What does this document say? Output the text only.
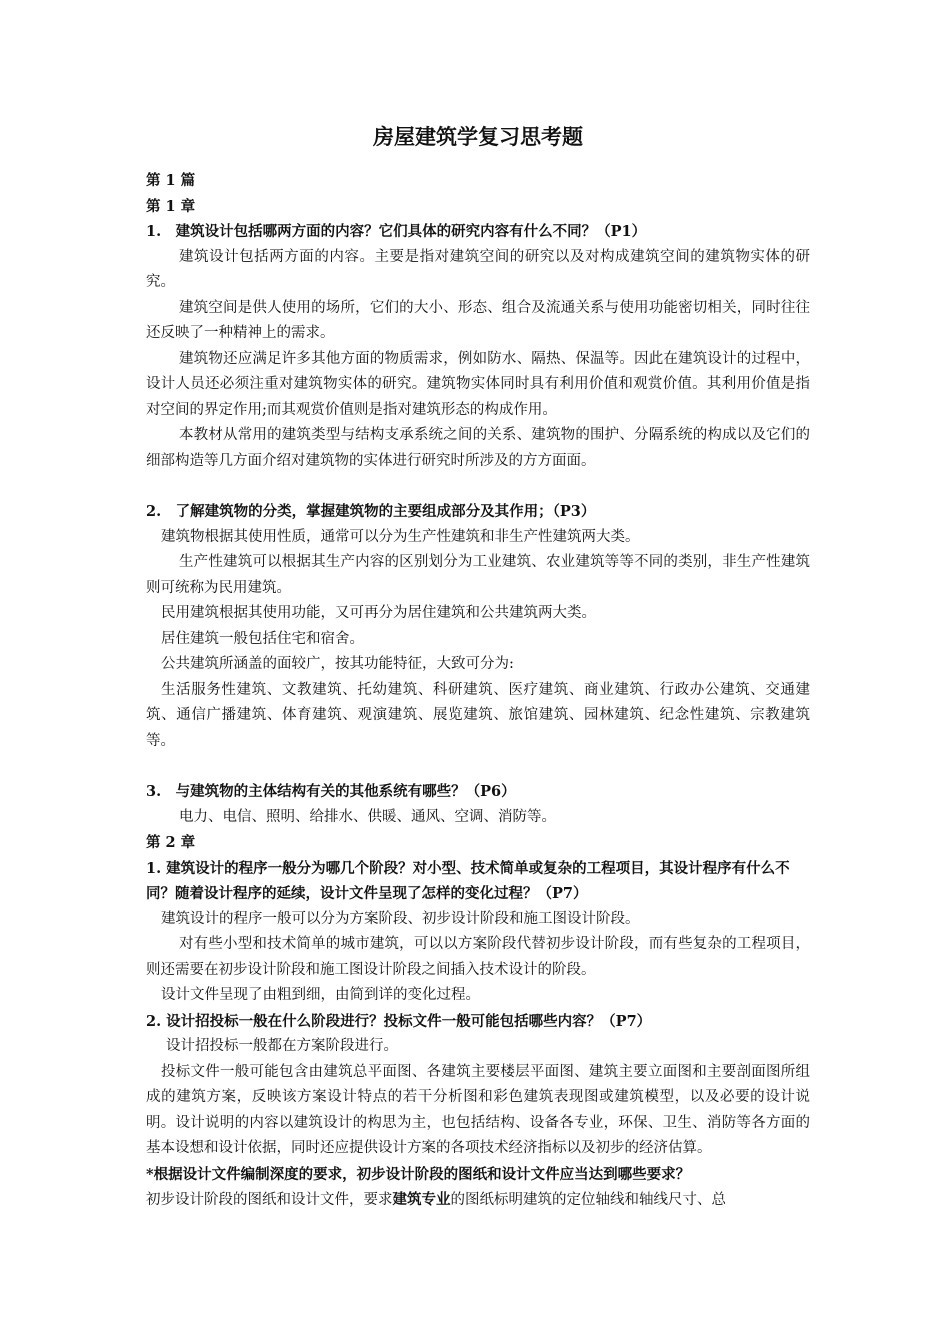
房屋建筑学复习思考题
第 1 篇
第 1 章
1.　建筑设计包括哪两方面的内容？它们具体的研究内容有什么不同？（P1）

建筑设计包括两方面的内容。主要是指对建筑空间的研究以及对构成建筑空间的建筑物实体的研究。

建筑空间是供人使用的场所，它们的大小、形态、组合及流通关系与使用功能密切相关，同时往往还反映了一种精神上的需求。

建筑物还应满足许多其他方面的物质需求，例如防水、隔热、保温等。因此在建筑设计的过程中，设计人员还必须注重对建筑物实体的研究。建筑物实体同时具有利用价值和观赏价值。其利用价值是指对空间的界定作用;而其观赏价值则是指对建筑形态的构成作用。

本教材从常用的建筑类型与结构支承系统之间的关系、建筑物的围护、分隔系统的构成以及它们的细部构造等几方面介绍对建筑物的实体进行研究时所涉及的方方面面。

2.　了解建筑物的分类，掌握建筑物的主要组成部分及其作用；（P3）

建筑物根据其使用性质，通常可以分为生产性建筑和非生产性建筑两大类。

生产性建筑可以根据其生产内容的区别划分为工业建筑、农业建筑等等不同的类别，非生产性建筑则可统称为民用建筑。

民用建筑根据其使用功能，又可再分为居住建筑和公共建筑两大类。

居住建筑一般包括住宅和宿舍。

公共建筑所涵盖的面较广，按其功能特征，大致可分为:

生活服务性建筑、文教建筑、托幼建筑、科研建筑、医疗建筑、商业建筑、行政办公建筑、交通建筑、通信广播建筑、体育建筑、观演建筑、展览建筑、旅馆建筑、园林建筑、纪念性建筑、宗教建筑等。

3.　与建筑物的主体结构有关的其他系统有哪些？（P6）

电力、电信、照明、给排水、供暖、通风、空调、消防等。

第 2 章
1. 建筑设计的程序一般分为哪几个阶段？对小型、技术简单或复杂的工程项目，其设计程序有什么不同？随着设计程序的延续，设计文件呈现了怎样的变化过程？（P7）

建筑设计的程序一般可以分为方案阶段、初步设计阶段和施工图设计阶段。

对有些小型和技术简单的城市建筑，可以以方案阶段代替初步设计阶段，而有些复杂的工程项目，则还需要在初步设计阶段和施工图设计阶段之间插入技术设计的阶段。

设计文件呈现了由粗到细，由简到详的变化过程。

2. 设计招投标一般在什么阶段进行？投标文件一般可能包括哪些内容？（P7）

设计招投标一般都在方案阶段进行。

投标文件一般可能包含由建筑总平面图、各建筑主要楼层平面图、建筑主要立面图和主要剖面图所组成的建筑方案，反映该方案设计特点的若干分析图和彩色建筑表现图或建筑模型，以及必要的设计说明。设计说明的内容以建筑设计的构思为主，也包括结构、设备各专业，环保、卫生、消防等各方面的基本设想和设计依据，同时还应提供设计方案的各项技术经济指标以及初步的经济估算。

*根据设计文件编制深度的要求，初步设计阶段的图纸和设计文件应当达到哪些要求？

初步设计阶段的图纸和设计文件，要求建筑专业的图纸标明建筑的定位轴线和轴线尺寸、总
